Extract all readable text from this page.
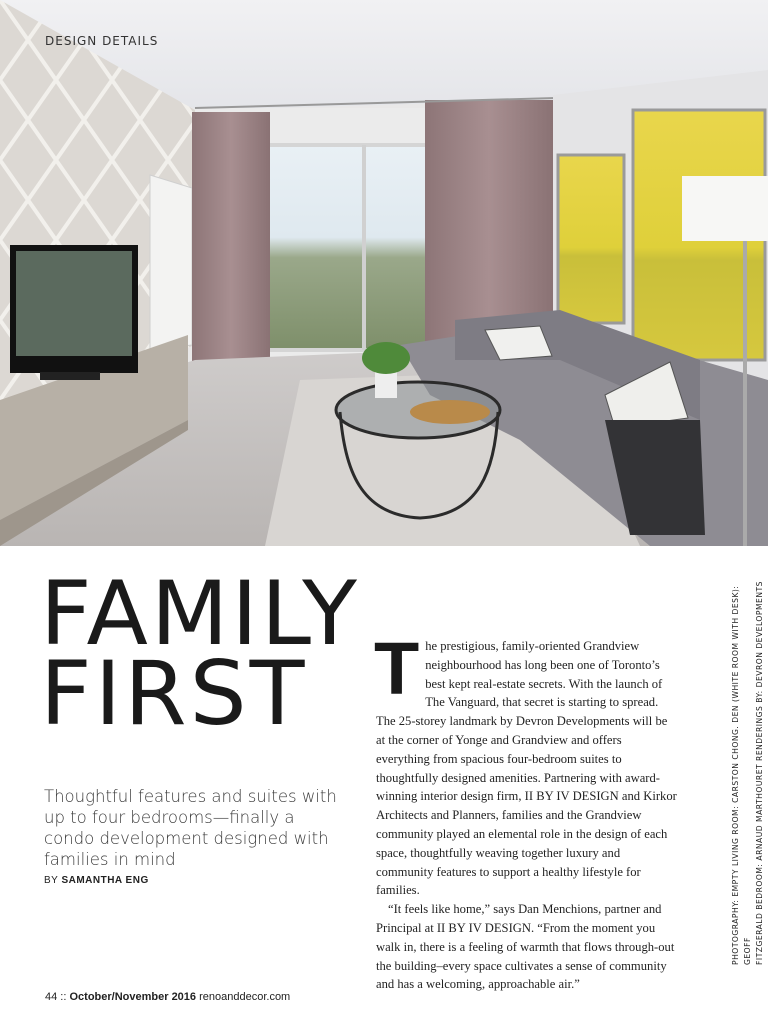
DESIGN DETAILS
FAMILY
FIRST
Thoughtful features and suites with up to four bedrooms—finally a condo development designed with families in mind
BY SAMANTHA ENG

The prestigious, family-oriented Grandview neighbourhood has long been one of Toronto’s best kept real-estate secrets. With the launch of The Vanguard, that secret is starting to spread. The 25-storey landmark by Devron Developments will be at the corner of Yonge and Grandview and offers everything from spacious four-bedroom suites to thoughtfully designed amenities. Partnering with award-winning interior design firm, II BY IV DESIGN and Kirkor Architects and Planners, families and the Grandview community played an elemental role in the design of each space, thoughtfully weaving together luxury and community features to support a healthy lifestyle for families.

“It feels like home,” says Dan Menchions, partner and Principal at II BY IV DESIGN. “From the moment you walk in, there is a feeling of warmth that flows through-out the building–every space cultivates a sense of community and has a welcoming, approachable air.”

PHOTOGRAPHY: EMPTY LIVING ROOM: CARSTON CHONG. DEN (WHITE ROOM WITH DESK): GEOFF FITZGERALD BEDROOM: ARNAUD MARTHOURET RENDERINGS BY: DEVRON DEVELOPMENTS
44 :: October/November 2016 renoanddecor.com
